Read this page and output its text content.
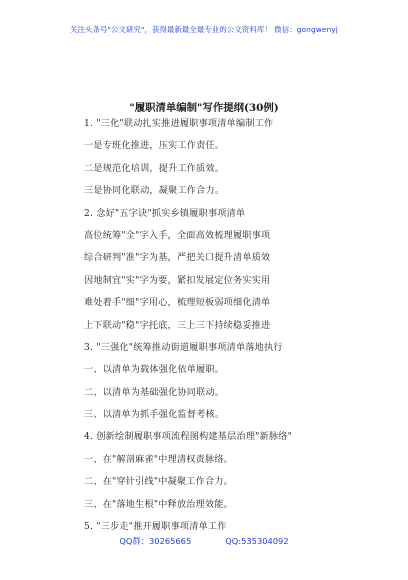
关注头条号"公文研究"，获得最新最全最专业的公文资料库！ 微信：gongwenyj
"履职清单编制"写作提纲(30例)
1. "三化"联动扎实推进履职事项清单编制工作
一是专班化推进，压实工作责任。
二是规范化培训，提升工作质效。
三是协同化联动，凝聚工作合力。
2. 念好"五字诀"抓实乡镇履职事项清单
高位统筹"全"字入手，全面高效梳理履职事项
综合研判"准"字为基，严把关口提升清单质效
因地制宜"实"字为要，紧扣发展定位务实实用
难处着手"细"字用心，梳理短板弱项细化清单
上下联动"稳"字托底，三上三下持续稳妥推进
3. "三强化"统筹推动街道履职事项清单落地执行
一、以清单为载体强化依单履职。
二、以清单为基础强化协同联动。
三、以清单为抓手强化监督考核。
4. 创新绘制履职事项流程图构建基层治理"新脉络"
一、在"解剖麻雀"中理清权责脉络。
二、在"穿针引线"中凝聚工作合力。
三、在"落地生根"中释放治理效能。
5. "三步走"推开履职事项清单工作
QQ群：30265665	QQ:535304092
